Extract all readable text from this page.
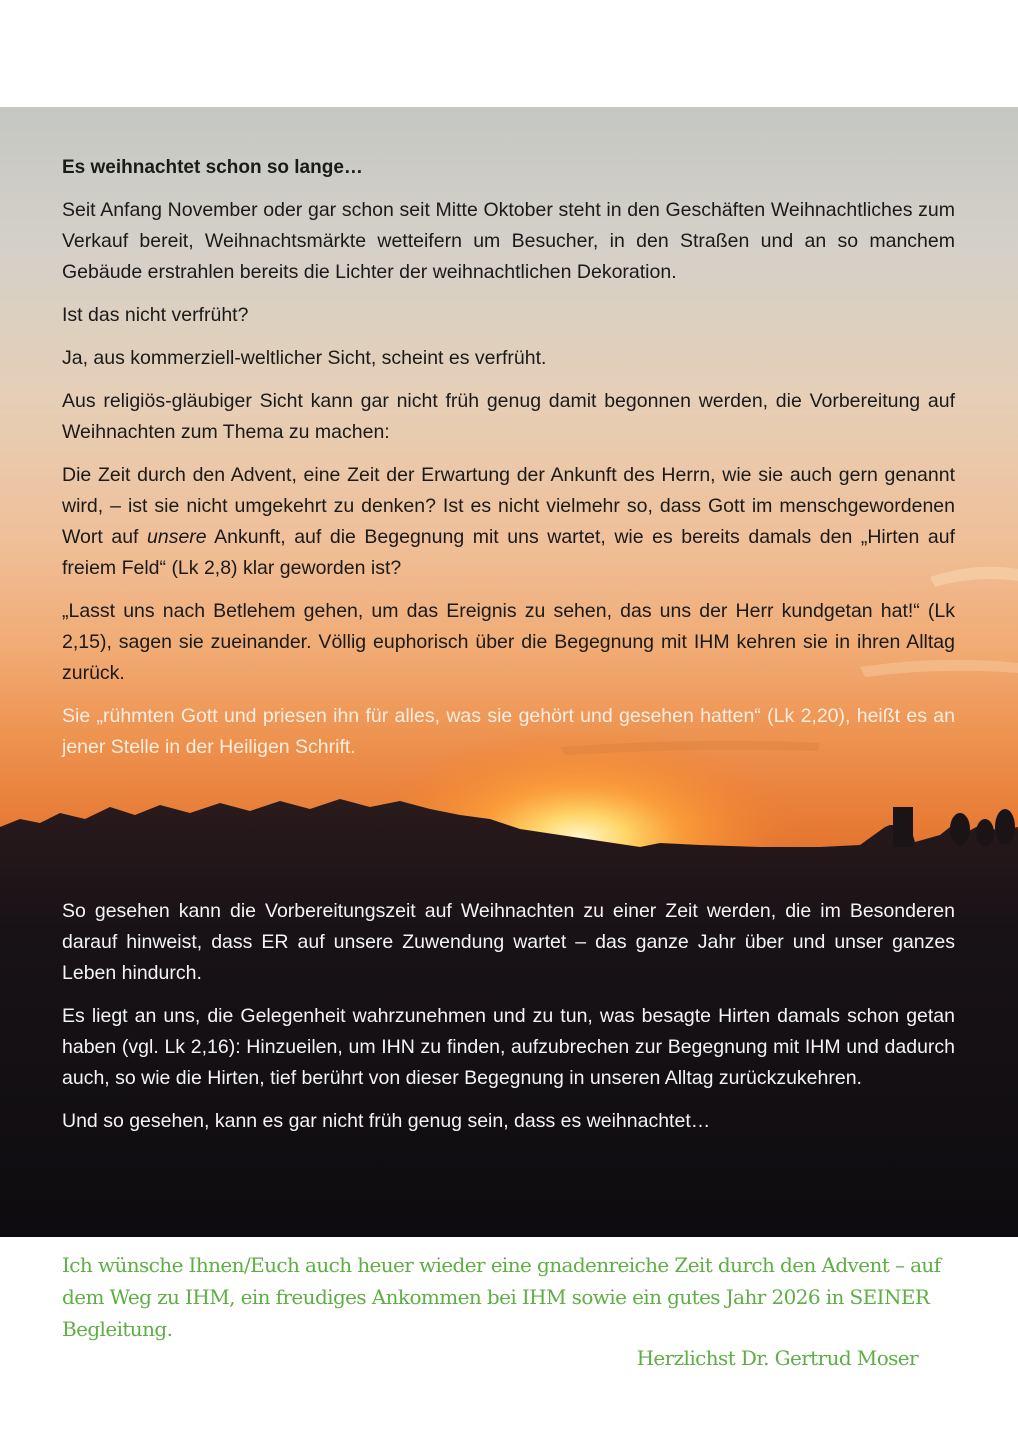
Es weihnachtet schon so lange…

Seit Anfang November oder gar schon seit Mitte Oktober steht in den Geschäften Weihnachtliches zum Verkauf bereit, Weihnachtsmärkte wetteifern um Besucher, in den Straßen und an so manchem Gebäude erstrahlen bereits die Lichter der weihnachtlichen Dekoration.

Ist das nicht verfrüht?

Ja, aus kommerziell-weltlicher Sicht, scheint es verfrüht.

Aus religiös-gläubiger Sicht kann gar nicht früh genug damit begonnen werden, die Vorbereitung auf Weihnachten zum Thema zu machen:

Die Zeit durch den Advent, eine Zeit der Erwartung der Ankunft des Herrn, wie sie auch gern genannt wird, – ist sie nicht umgekehrt zu denken? Ist es nicht vielmehr so, dass Gott im menschgewordenen Wort auf unsere Ankunft, auf die Begegnung mit uns wartet, wie es bereits damals den „Hirten auf freiem Feld“ (Lk 2,8) klar geworden ist?

„Lasst uns nach Betlehem gehen, um das Ereignis zu sehen, das uns der Herr kundgetan hat!“ (Lk 2,15), sagen sie zueinander. Völlig euphorisch über die Begegnung mit IHM kehren sie in ihren Alltag zurück.

Sie „rühmten Gott und priesen ihn für alles, was sie gehört und gesehen hatten“ (Lk 2,20), heißt es an jener Stelle in der Heiligen Schrift.

So gesehen kann die Vorbereitungszeit auf Weihnachten zu einer Zeit werden, die im Besonderen darauf hinweist, dass ER auf unsere Zuwendung wartet – das ganze Jahr über und unser ganzes Leben hindurch.

Es liegt an uns, die Gelegenheit wahrzunehmen und zu tun, was besagte Hirten damals schon getan haben (vgl. Lk 2,16): Hinzueilen, um IHN zu finden, aufzubrechen zur Begegnung mit IHM und dadurch auch, so wie die Hirten, tief berührt von dieser Begegnung in unseren Alltag zurückzukehren.

Und so gesehen, kann es gar nicht früh genug sein, dass es weihnachtet…

Ich wünsche Ihnen/Euch auch heuer wieder eine gnadenreiche Zeit durch den Advent – auf dem Weg zu IHM, ein freudiges Ankommen bei IHM sowie ein gutes Jahr 2026 in SEINER Begleitung.
Herzlichst Dr. Gertrud Moser
